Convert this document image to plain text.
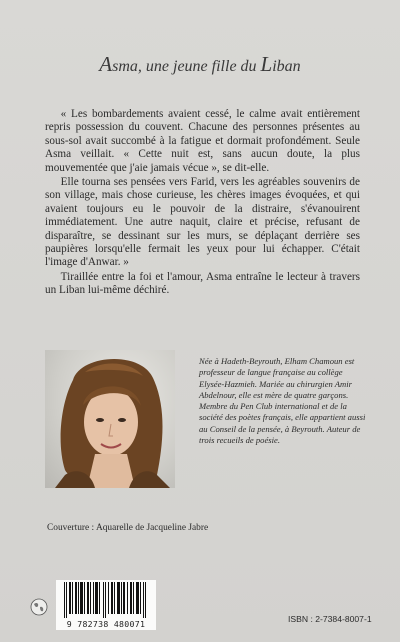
Asma, une jeune fille du Liban

« Les bombardements avaient cessé, le calme avait entièrement repris possession du couvent. Chacune des personnes présentes au sous-sol avait succombé à la fatigue et dormait profondément. Seule Asma veillait. « Cette nuit est, sans aucun doute, la plus mouvementée que j'aie jamais vécue », se dit-elle.

Elle tourna ses pensées vers Farid, vers les agréables souvenirs de son village, mais chose curieuse, les chères images évoquées, et qui avaient toujours eu le pouvoir de la distraire, s'évanouirent immédiatement. Une autre naquit, claire et précise, refusant de disparaître, se dessinant sur les murs, se déplaçant derrière ses paupières lorsqu'elle fermait les yeux pour lui échapper. C'était l'image d'Anwar. »

Tiraillée entre la foi et l'amour, Asma entraîne le lecteur à travers un Liban lui-même déchiré.

Née à Hadeth-Beyrouth, Elham Chamoun est professeur de langue française au collège Elysée-Hazmieh. Mariée au chirurgien Amir Abdelnour, elle est mère de quatre garçons. Membre du Pen Club international et de la société des poètes français, elle appartient aussi au Conseil de la pensée, à Beyrouth. Auteur de trois recueils de poésie.
Couverture : Aquarelle de Jacqueline Jabre
9 782738 480071	ISBN : 2-7384-8007-1
